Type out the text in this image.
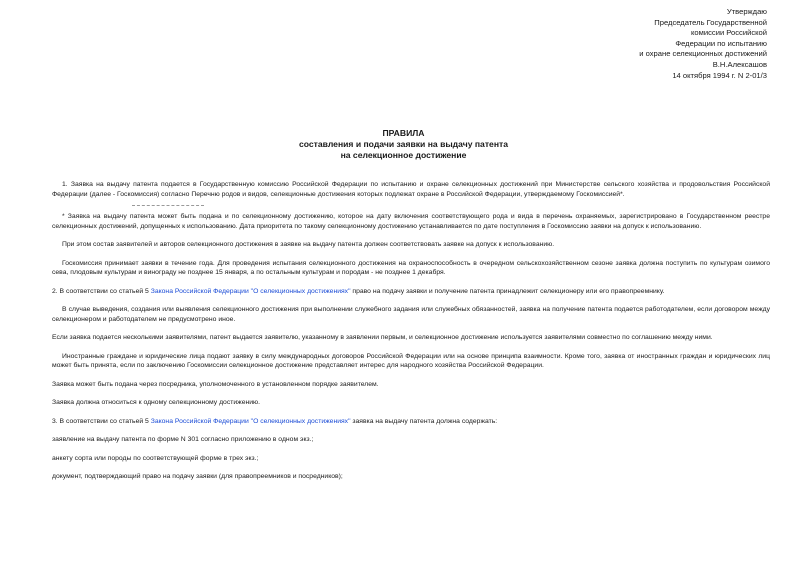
Утверждаю
Председатель Государственной
комиссии Российской
Федерации по испытанию
и охране селекционных достижений
В.Н.Алексашов
14 октября 1994 г. N 2-01/3
ПРАВИЛА
составления и подачи заявки на выдачу патента
на селекционное достижение

1. Заявка на выдачу патента подается в Государственную комиссию Российской Федерации по испытанию и охране селекционных достижений при Министерстве сельского хозяйства и продовольствия Российской Федерации (далее - Госкомиссия) согласно Перечню родов и видов, селекционные достижения которых подлежат охране в Российской Федерации, утверждаемому Госкомиссией*.

* Заявка на выдачу патента может быть подана и по селекционному достижению, которое на дату включения соответствующего рода и вида в перечень охраняемых, зарегистрировано в Государственном реестре селекционных достижений, допущенных к использованию. Дата приоритета по такому селекционному достижению устанавливается по дате поступления в Госкомиссию заявки на допуск к использованию.

При этом состав заявителей и авторов селекционного достижения в заявке на выдачу патента должен соответствовать заявке на допуск к использованию.

Госкомиссия принимает заявки в течение года. Для проведения испытания селекционного достижения на охраноспособность в очередном сельскохозяйственном сезоне заявка должна поступить по культурам озимого сева, плодовым культурам и винограду не позднее 15 января, а по остальным культурам и породам - не позднее 1 декабря.

2. В соответствии со статьей 5 Закона Российской Федерации "О селекционных достижениях" право на подачу заявки и получение патента принадлежит селекционеру или его правопреемнику.

В случае выведения, создания или выявления селекционного достижения при выполнении служебного задания или служебных обязанностей, заявка на получение патента подается работодателем, если договором между селекционером и работодателем не предусмотрено иное.

Если заявка подается несколькими заявителями, патент выдается заявителю, указанному в заявлении первым, и селекционное достижение используется заявителями совместно по соглашению между ними.

Иностранные граждане и юридические лица подают заявку в силу международных договоров Российской Федерации или на основе принципа взаимности. Кроме того, заявка от иностранных граждан и юридических лиц может быть принята, если по заключению Госкомиссии селекционное достижение представляет интерес для народного хозяйства Российской Федерации.

Заявка может быть подана через посредника, уполномоченного в установленном порядке заявителем.

Заявка должна относиться к одному селекционному достижению.

3. В соответствии со статьей 5 Закона Российской Федерации "О селекционных достижениях" заявка на выдачу патента должна содержать:

заявление на выдачу патента по форме N 301 согласно приложению в одном экз.;

анкету сорта или породы по соответствующей форме в трех экз.;

документ, подтверждающий право на подачу заявки (для правопреемников и посредников);
